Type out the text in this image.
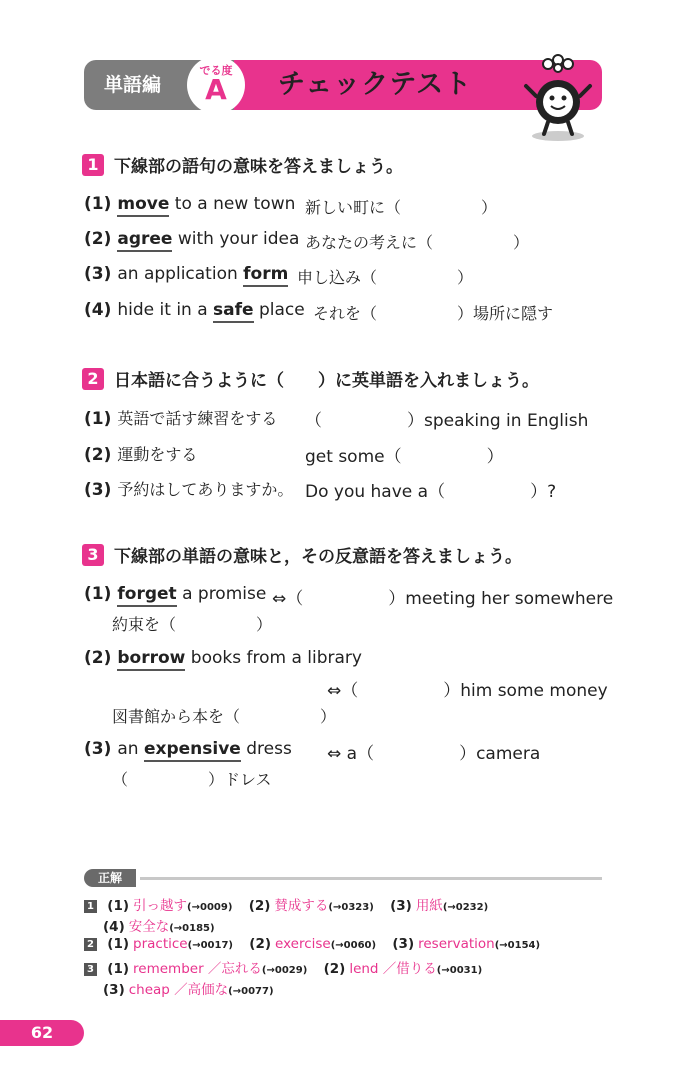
単語編
でる度
A	チェックテスト
1 下線部の語句の意味を答えましょう。
(1) move to a new town 新しい町に（　　　　　）
(2) agree with your idea あなたの考えに（　　　　　）
(3) an application form 申し込み（　　　　　）
(4) hide it in a safe place それを（　　　　　）場所に隠す
2 日本語に合うように（　　）に英単語を入れましょう。
(1) 英語で話す練習をする （　　　　　）speaking in English
(2) 運動をする	get some（　　　　　）
(3) 予約はしてありますか。 Do you have a（　　　　　）?
3 下線部の単語の意味と，その反意語を答えましょう。
(1) forget a promise ⇔（　　　　　）meeting her somewhere
約束を（　　　　　）
(2) borrow books from a library
⇔（　　　　　）him some money
図書館から本を（　　　　　）
(3) an expensive dress ⇔ a（　　　　　）camera
（　　　　　）ドレス
正解
1 (1) 引っ越す(→0009) (2) 賛成する(→0323) (3) 用紙(→0232)
(4) 安全な(→0185)
2 (1) practice(→0017) (2) exercise(→0060) (3) reservation(→0154)
3 (1) remember ／忘れる(→0029) (2) lend ／借りる(→0031)
(3) cheap ／高価な(→0077)
62
